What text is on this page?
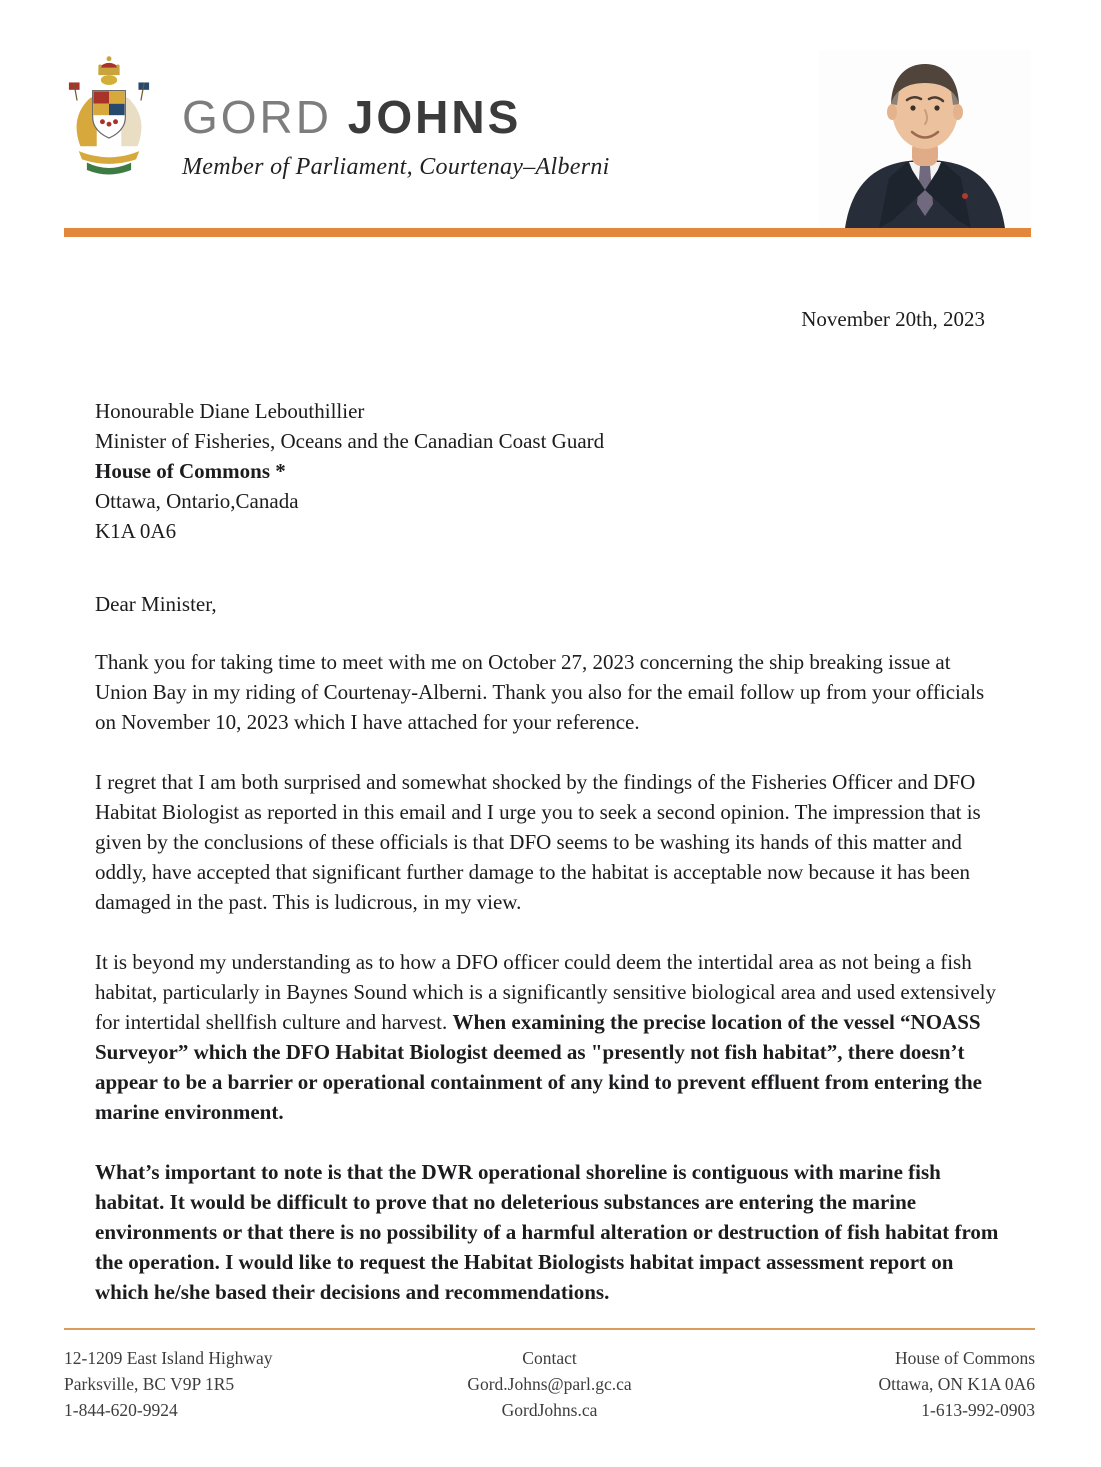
GORD JOHNS
Member of Parliament, Courtenay–Alberni
November 20th, 2023
Honourable Diane Lebouthillier
Minister of Fisheries, Oceans and the Canadian Coast Guard
House of Commons *
Ottawa, Ontario,Canada
K1A 0A6
Dear Minister,

Thank you for taking time to meet with me on October 27, 2023 concerning the ship breaking issue at Union Bay in my riding of Courtenay-Alberni. Thank you also for the email follow up from your officials on November 10, 2023 which I have attached for your reference.

I regret that I am both surprised and somewhat shocked by the findings of the Fisheries Officer and DFO Habitat Biologist as reported in this email and I urge you to seek a second opinion. The impression that is given by the conclusions of these officials is that DFO seems to be washing its hands of this matter and oddly, have accepted that significant further damage to the habitat is acceptable now because it has been damaged in the past. This is ludicrous, in my view.

It is beyond my understanding as to how a DFO officer could deem the intertidal area as not being a fish habitat, particularly in Baynes Sound which is a significantly sensitive biological area and used extensively for intertidal shellfish culture and harvest. When examining the precise location of the vessel “NOASS Surveyor” which the DFO Habitat Biologist deemed as "presently not fish habitat”, there doesn’t appear to be a barrier or operational containment of any kind to prevent effluent from entering the marine environment.

What’s important to note is that the DWR operational shoreline is contiguous with marine fish habitat. It would be difficult to prove that no deleterious substances are entering the marine environments or that there is no possibility of a harmful alteration or destruction of fish habitat from the operation. I would like to request the Habitat Biologists habitat impact assessment report on which he/she based their decisions and recommendations.

12-1209 East Island Highway
Parksville, BC V9P 1R5
1-844-620-9924
Contact
Gord.Johns@parl.gc.ca
GordJohns.ca
House of Commons
Ottawa, ON K1A 0A6
1-613-992-0903
